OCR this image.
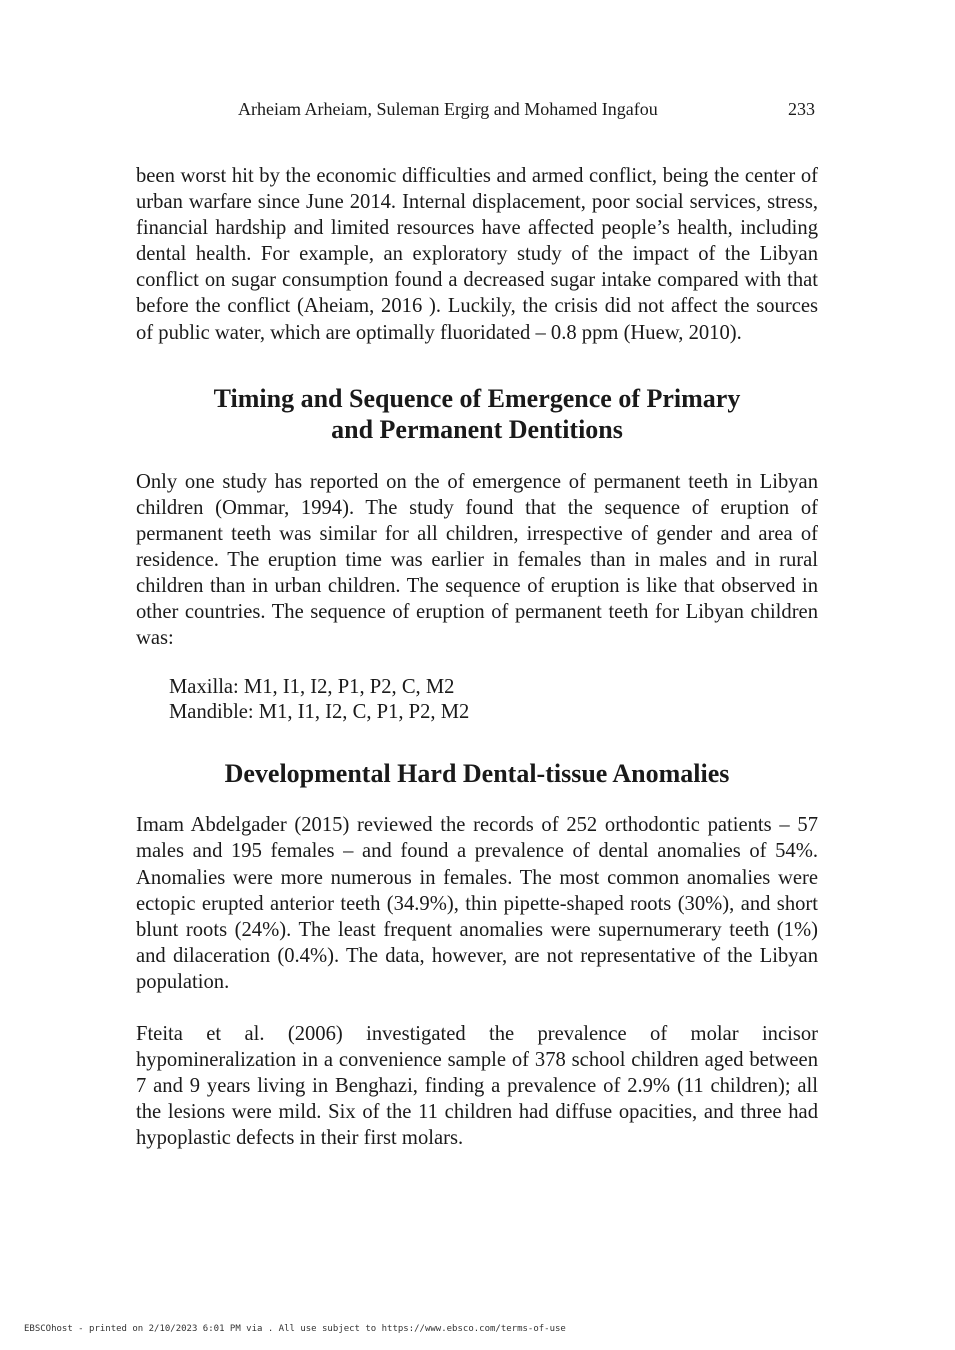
Arheiam Arheiam, Suleman Ergirg and Mohamed Ingafou	233

been worst hit by the economic difficulties and armed conflict, being the center of urban warfare since June 2014. Internal displacement, poor social services, stress, financial hardship and limited resources have affected people’s health, including dental health. For example, an exploratory study of the impact of the Libyan conflict on sugar consumption found a decreased sugar intake compared with that before the conflict (Aheiam, 2016 ). Luckily, the crisis did not affect the sources of public water, which are optimally fluoridated – 0.8 ppm (Huew, 2010).

Timing and Sequence of Emergence of Primary
and Permanent Dentitions

Only one study has reported on the of emergence of permanent teeth in Libyan children (Ommar, 1994). The study found that the sequence of eruption of permanent teeth was similar for all children, irrespective of gender and area of residence. The eruption time was earlier in females than in males and in rural children than in urban children. The sequence of eruption is like that observed in other countries. The sequence of eruption of permanent teeth for Libyan children was:

Maxilla: M1, I1, I2, P1, P2, C, M2
Mandible: M1, I1, I2, C, P1, P2, M2
Developmental Hard Dental-tissue Anomalies

Imam Abdelgader (2015) reviewed the records of 252 orthodontic patients – 57 males and 195 females – and found a prevalence of dental anomalies of 54%. Anomalies were more numerous in females. The most common anomalies were ectopic erupted anterior teeth (34.9%), thin pipette-shaped roots (30%), and short blunt roots (24%). The least frequent anomalies were supernumerary teeth (1%) and dilaceration (0.4%). The data, however, are not representative of the Libyan population.

Fteita et al. (2006) investigated the prevalence of molar incisor hypomineralization in a convenience sample of 378 school children aged between 7 and 9 years living in Benghazi, finding a prevalence of 2.9% (11 children); all the lesions were mild. Six of the 11 children had diffuse opacities, and three had hypoplastic defects in their first molars.

EBSCOhost - printed on 2/10/2023 6:01 PM via . All use subject to https://www.ebsco.com/terms-of-use
